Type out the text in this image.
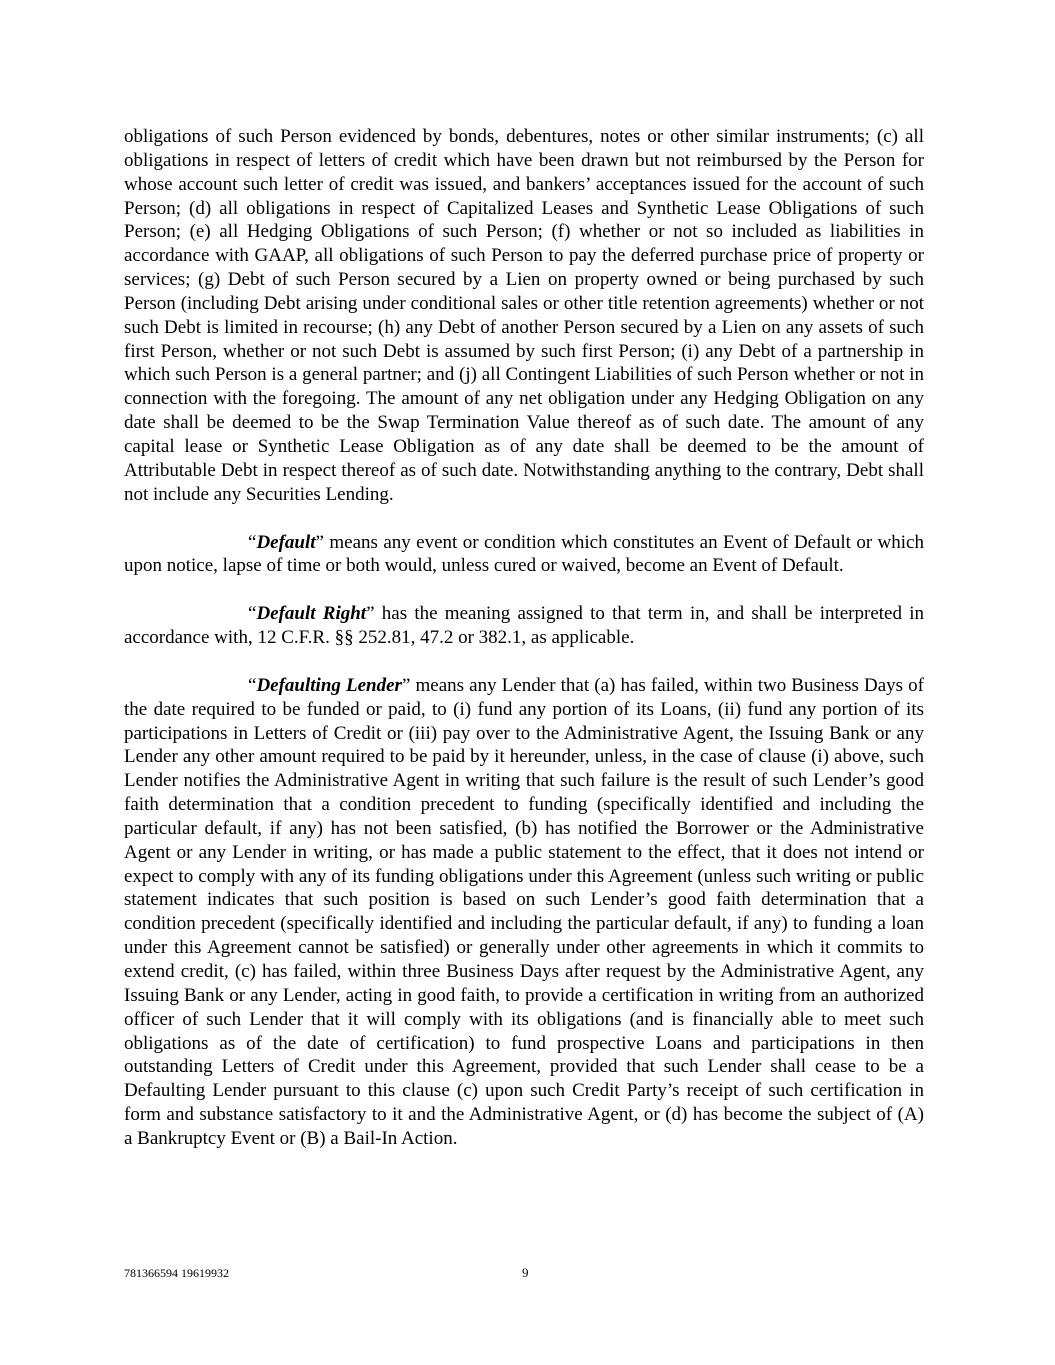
obligations of such Person evidenced by bonds, debentures, notes or other similar instruments; (c) all obligations in respect of letters of credit which have been drawn but not reimbursed by the Person for whose account such letter of credit was issued, and bankers’ acceptances issued for the account of such Person; (d) all obligations in respect of Capitalized Leases and Synthetic Lease Obligations of such Person; (e) all Hedging Obligations of such Person; (f) whether or not so included as liabilities in accordance with GAAP, all obligations of such Person to pay the deferred purchase price of property or services; (g) Debt of such Person secured by a Lien on property owned or being purchased by such Person (including Debt arising under conditional sales or other title retention agreements) whether or not such Debt is limited in recourse; (h) any Debt of another Person secured by a Lien on any assets of such first Person, whether or not such Debt is assumed by such first Person; (i) any Debt of a partnership in which such Person is a general partner; and (j) all Contingent Liabilities of such Person whether or not in connection with the foregoing. The amount of any net obligation under any Hedging Obligation on any date shall be deemed to be the Swap Termination Value thereof as of such date. The amount of any capital lease or Synthetic Lease Obligation as of any date shall be deemed to be the amount of Attributable Debt in respect thereof as of such date. Notwithstanding anything to the contrary, Debt shall not include any Securities Lending.

“Default” means any event or condition which constitutes an Event of Default or which upon notice, lapse of time or both would, unless cured or waived, become an Event of Default.

“Default Right” has the meaning assigned to that term in, and shall be interpreted in accordance with, 12 C.F.R. §§ 252.81, 47.2 or 382.1, as applicable.

“Defaulting Lender” means any Lender that (a) has failed, within two Business Days of the date required to be funded or paid, to (i) fund any portion of its Loans, (ii) fund any portion of its participations in Letters of Credit or (iii) pay over to the Administrative Agent, the Issuing Bank or any Lender any other amount required to be paid by it hereunder, unless, in the case of clause (i) above, such Lender notifies the Administrative Agent in writing that such failure is the result of such Lender’s good faith determination that a condition precedent to funding (specifically identified and including the particular default, if any) has not been satisfied, (b) has notified the Borrower or the Administrative Agent or any Lender in writing, or has made a public statement to the effect, that it does not intend or expect to comply with any of its funding obligations under this Agreement (unless such writing or public statement indicates that such position is based on such Lender’s good faith determination that a condition precedent (specifically identified and including the particular default, if any) to funding a loan under this Agreement cannot be satisfied) or generally under other agreements in which it commits to extend credit, (c) has failed, within three Business Days after request by the Administrative Agent, any Issuing Bank or any Lender, acting in good faith, to provide a certification in writing from an authorized officer of such Lender that it will comply with its obligations (and is financially able to meet such obligations as of the date of certification) to fund prospective Loans and participations in then outstanding Letters of Credit under this Agreement, provided that such Lender shall cease to be a Defaulting Lender pursuant to this clause (c) upon such Credit Party’s receipt of such certification in form and substance satisfactory to it and the Administrative Agent, or (d) has become the subject of (A) a Bankruptcy Event or (B) a Bail-In Action.

781366594 19619932	9
